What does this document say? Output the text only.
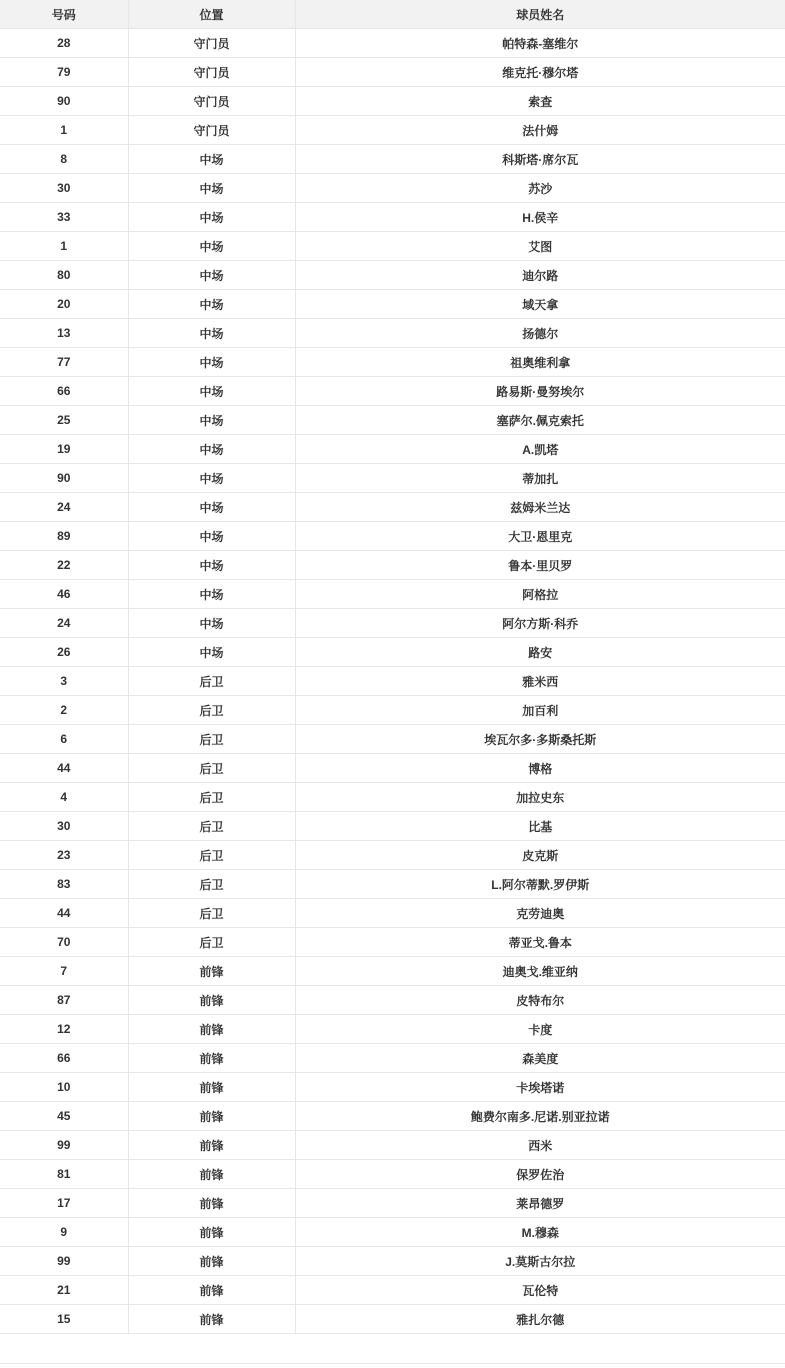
号码	位置	球员姓名
28	守门员	帕特森-塞维尔
79	守门员	维克托·穆尔塔
90	守门员	索查
1	守门员	法什姆
8	中场	科斯塔·席尔瓦
30	中场	苏沙
33	中场	H.侯辛
1	中场	艾图
80	中场	迪尔路
20	中场	域天拿
13	中场	扬德尔
77	中场	祖奥维利拿
66	中场	路易斯·曼努埃尔
25	中场	塞萨尔.佩克索托
19	中场	A.凯塔
90	中场	蒂加扎
24	中场	兹姆米兰达
89	中场	大卫·恩里克
22	中场	鲁本·里贝罗
46	中场	阿格拉
24	中场	阿尔方斯·科乔
26	中场	路安
3	后卫	雅米西
2	后卫	加百利
6	后卫	埃瓦尔多·多斯桑托斯
44	后卫	博格
4	后卫	加拉史东
30	后卫	比基
23	后卫	皮克斯
83	后卫	L.阿尔蒂默.罗伊斯
44	后卫	克劳迪奥
70	后卫	蒂亚戈.鲁本
7	前锋	迪奥戈.维亚纳
87	前锋	皮特布尔
12	前锋	卡度
66	前锋	森美度
10	前锋	卡埃塔诺
45	前锋	鲍费尔南多.尼诺.别亚拉诺
99	前锋	西米
81	前锋	保罗佐治
17	前锋	莱昂德罗
9	前锋	M.穆森
99	前锋	J.莫斯古尔拉
21	前锋	瓦伦特
15	前锋	雅扎尔德
